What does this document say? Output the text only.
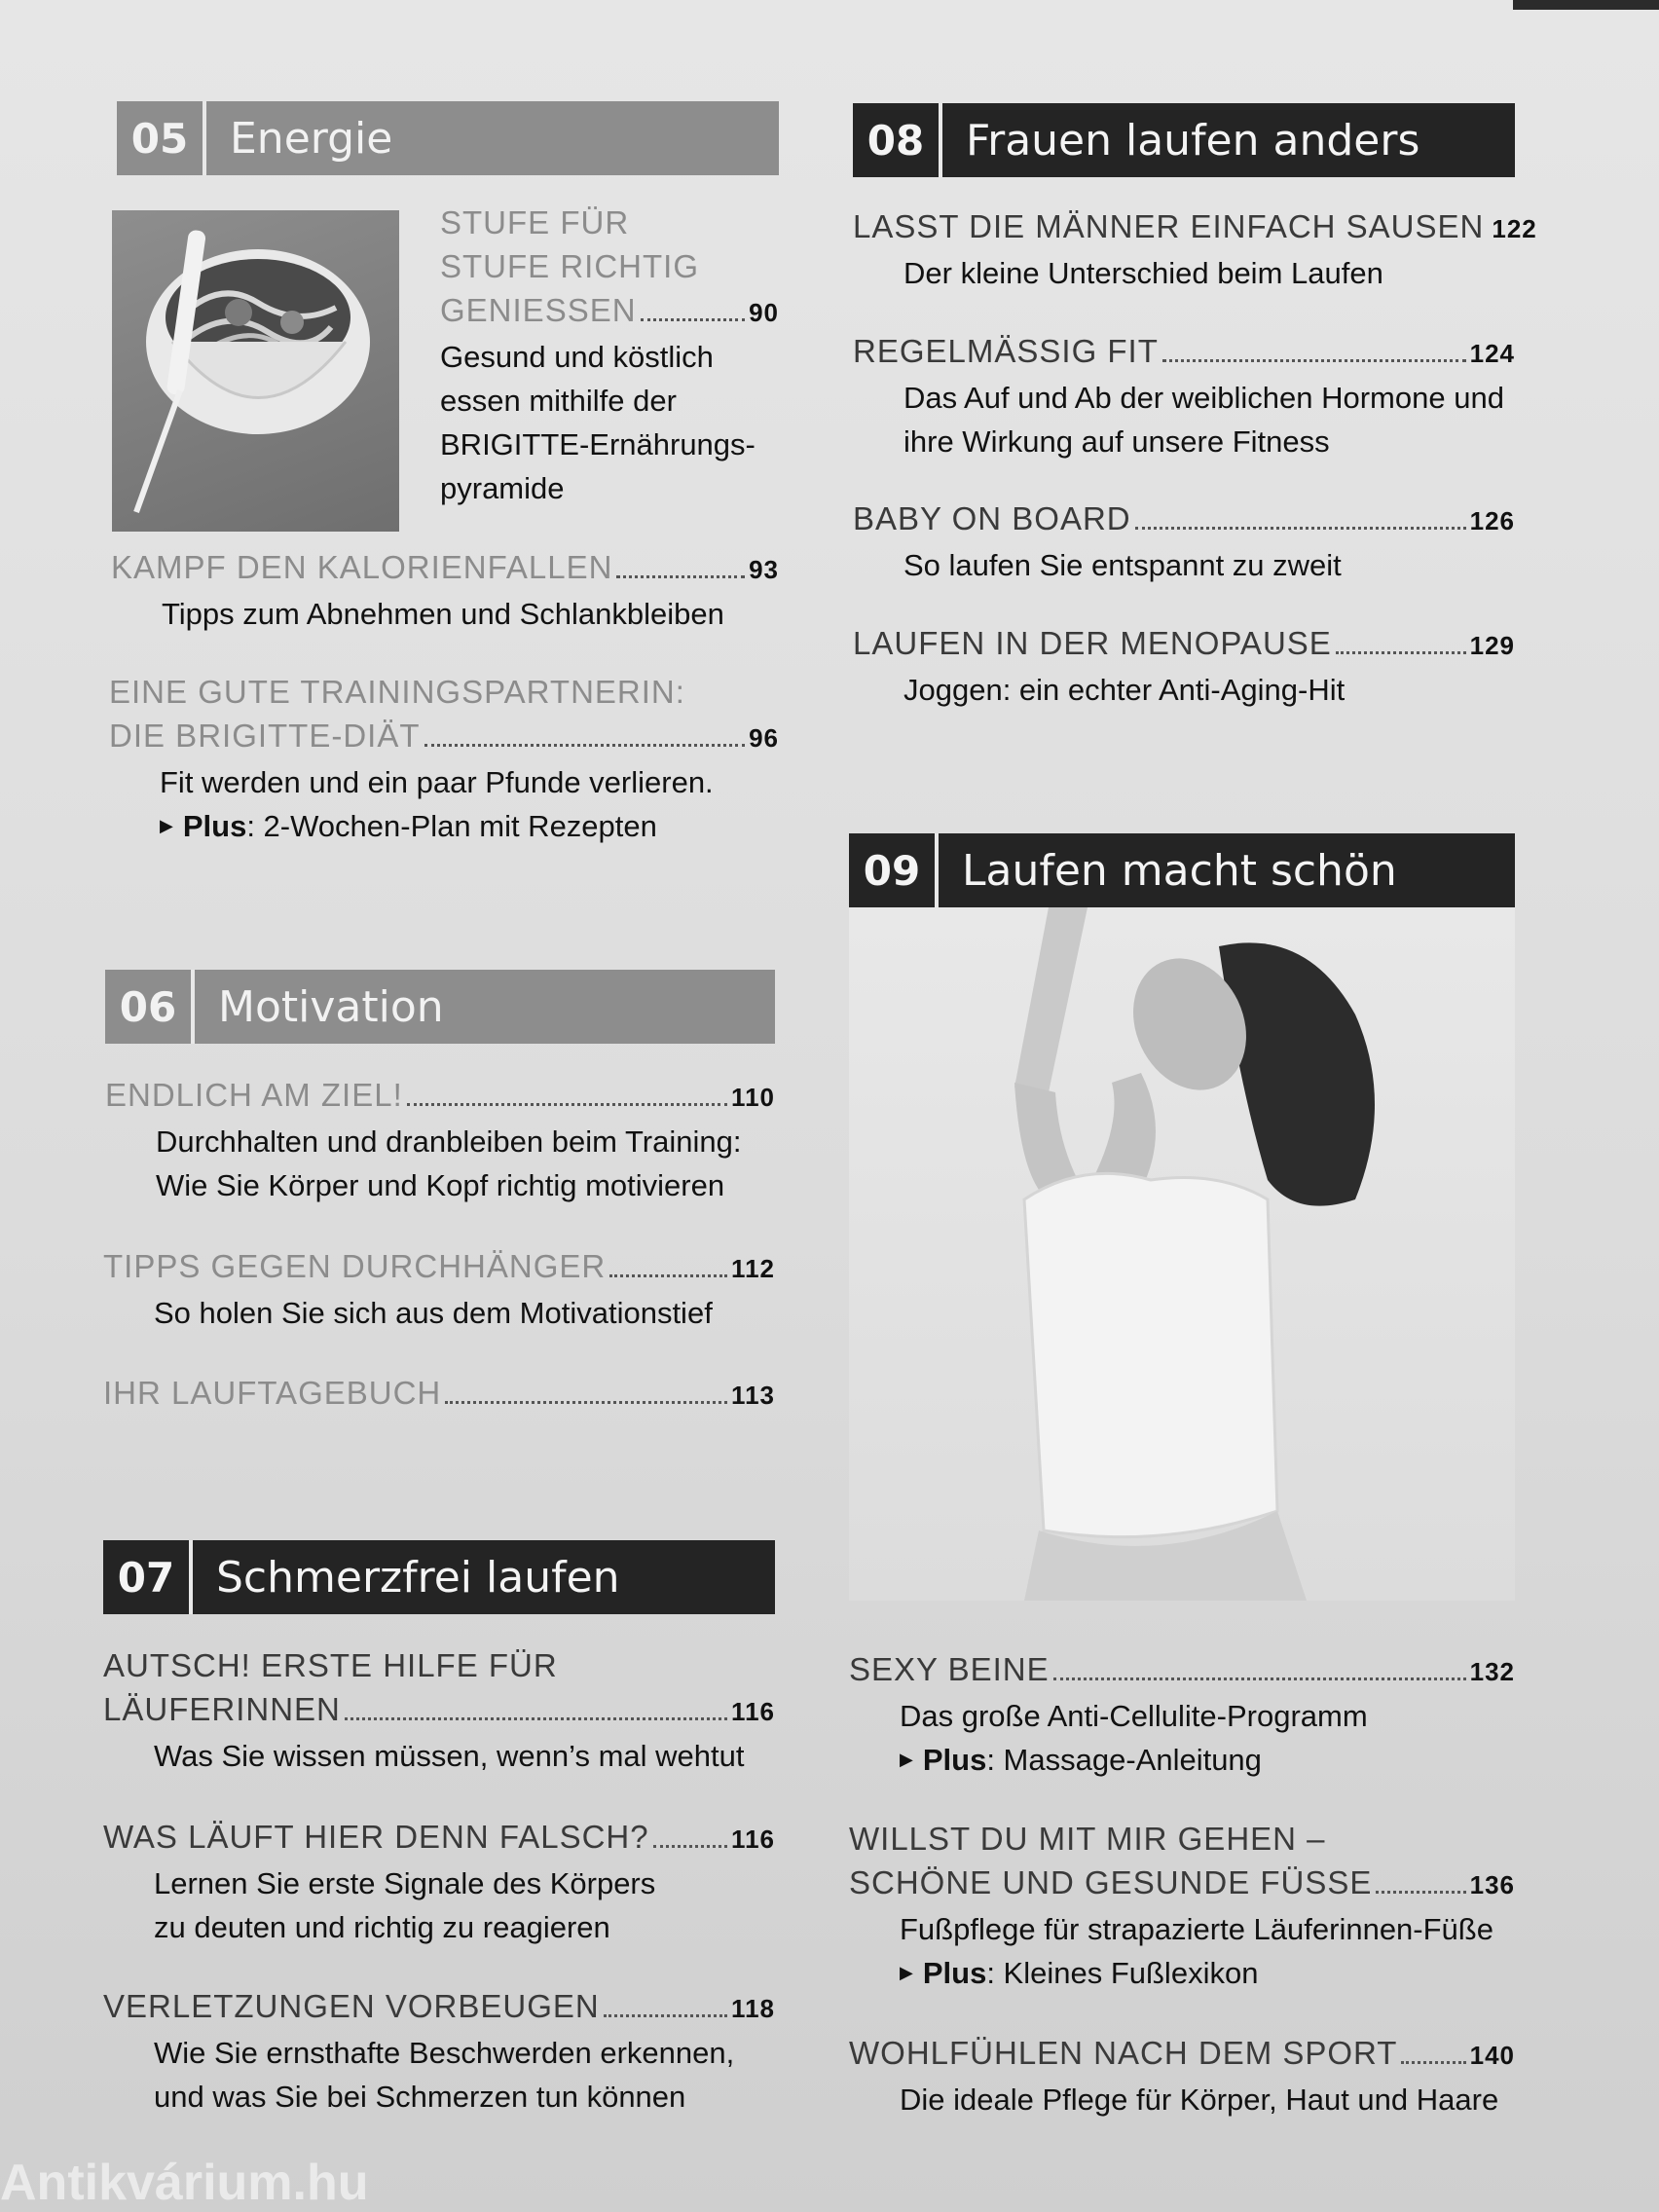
05 Energie
STUFE FÜR
STUFE RICHTIG
GENIESSEN	90
Gesund und köstlich
essen mithilfe der
BRIGITTE-Ernährungs-
pyramide
KAMPF DEN KALORIENFALLEN	93
Tipps zum Abnehmen und Schlankbleiben
EINE GUTE TRAININGSPARTNERIN:
DIE BRIGITTE-DIÄT	96
Fit werden und ein paar Pfunde verlieren.
▶ Plus : 2-Wochen-Plan mit Rezepten
06 Motivation
ENDLICH AM ZIEL!	110
Durchhalten und dranbleiben beim Training:
Wie Sie Körper und Kopf richtig motivieren
TIPPS GEGEN DURCHHÄNGER	112
So holen Sie sich aus dem Motivationstief
IHR LAUFTAGEBUCH	113
07 Schmerzfrei laufen
AUTSCH! ERSTE HILFE FÜR
LÄUFERINNEN	116
Was Sie wissen müssen, wenn’s mal wehtut
WAS LÄUFT HIER DENN FALSCH?	116
Lernen Sie erste Signale des Körpers
zu deuten und richtig zu reagieren
VERLETZUNGEN VORBEUGEN	118
Wie Sie ernsthafte Beschwerden erkennen,
und was Sie bei Schmerzen tun können
08 Frauen laufen anders
LASST DIE MÄNNER EINFACH SAUSEN 122
Der kleine Unterschied beim Laufen
REGELMÄSSIG FIT	124
Das Auf und Ab der weiblichen Hormone und
ihre Wirkung auf unsere Fitness
BABY ON BOARD	126
So laufen Sie entspannt zu zweit
LAUFEN IN DER MENOPAUSE	129
Joggen: ein echter Anti-Aging-Hit
09 Laufen macht schön
SEXY BEINE	132
Das große Anti-Cellulite-Programm
▶ Plus : Massage-Anleitung
WILLST DU MIT MIR GEHEN –
SCHÖNE UND GESUNDE FÜSSE	136
Fußpflege für strapazierte Läuferinnen-Füße
▶ Plus : Kleines Fußlexikon
WOHLFÜHLEN NACH DEM SPORT	140
Die ideale Pflege für Körper, Haut und Haare
Antikvárium.hu
